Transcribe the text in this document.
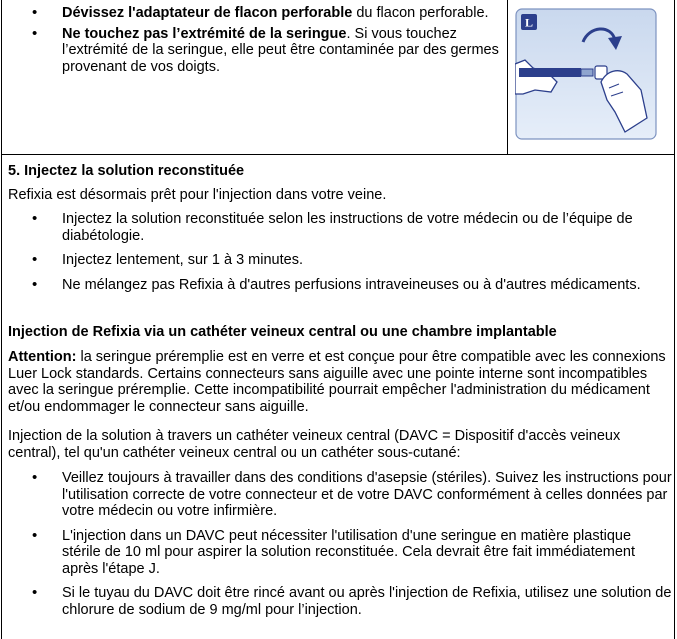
• Dévissez l'adaptateur de flacon perforable du flacon perforable.
• Ne touchez pas l’extrémité de la seringue. Si vous touchez l’extrémité de la seringue, elle peut être contaminée par des germes provenant de vos doigts.
L
5. Injectez la solution reconstituée
Refixia est désormais prêt pour l'injection dans votre veine.
• Injectez la solution reconstituée selon les instructions de votre médecin ou de l’équipe de diabétologie.
• Injectez lentement, sur 1 à 3 minutes.
• Ne mélangez pas Refixia à d'autres perfusions intraveineuses ou à d'autres médicaments.
Injection de Refixia via un cathéter veineux central ou une chambre implantable
Attention: la seringue préremplie est en verre et est conçue pour être compatible avec les connexions Luer Lock standards. Certains connecteurs sans aiguille avec une pointe interne sont incompatibles avec la seringue préremplie. Cette incompatibilité pourrait empêcher l'administration du médicament et/ou endommager le connecteur sans aiguille.
Injection de la solution à travers un cathéter veineux central (DAVC = Dispositif d'accès veineux central), tel qu'un cathéter veineux central ou un cathéter sous-cutané:
• Veillez toujours à travailler dans des conditions d'asepsie (stériles). Suivez les instructions pour l'utilisation correcte de votre connecteur et de votre DAVC conformément à celles données par votre médecin ou votre infirmière.
• L'injection dans un DAVC peut nécessiter l'utilisation d'une seringue en matière plastique stérile de 10 ml pour aspirer la solution reconstituée. Cela devrait être fait immédiatement après l'étape J.
• Si le tuyau du DAVC doit être rincé avant ou après l'injection de Refixia, utilisez une solution de chlorure de sodium de 9 mg/ml pour l’injection.
